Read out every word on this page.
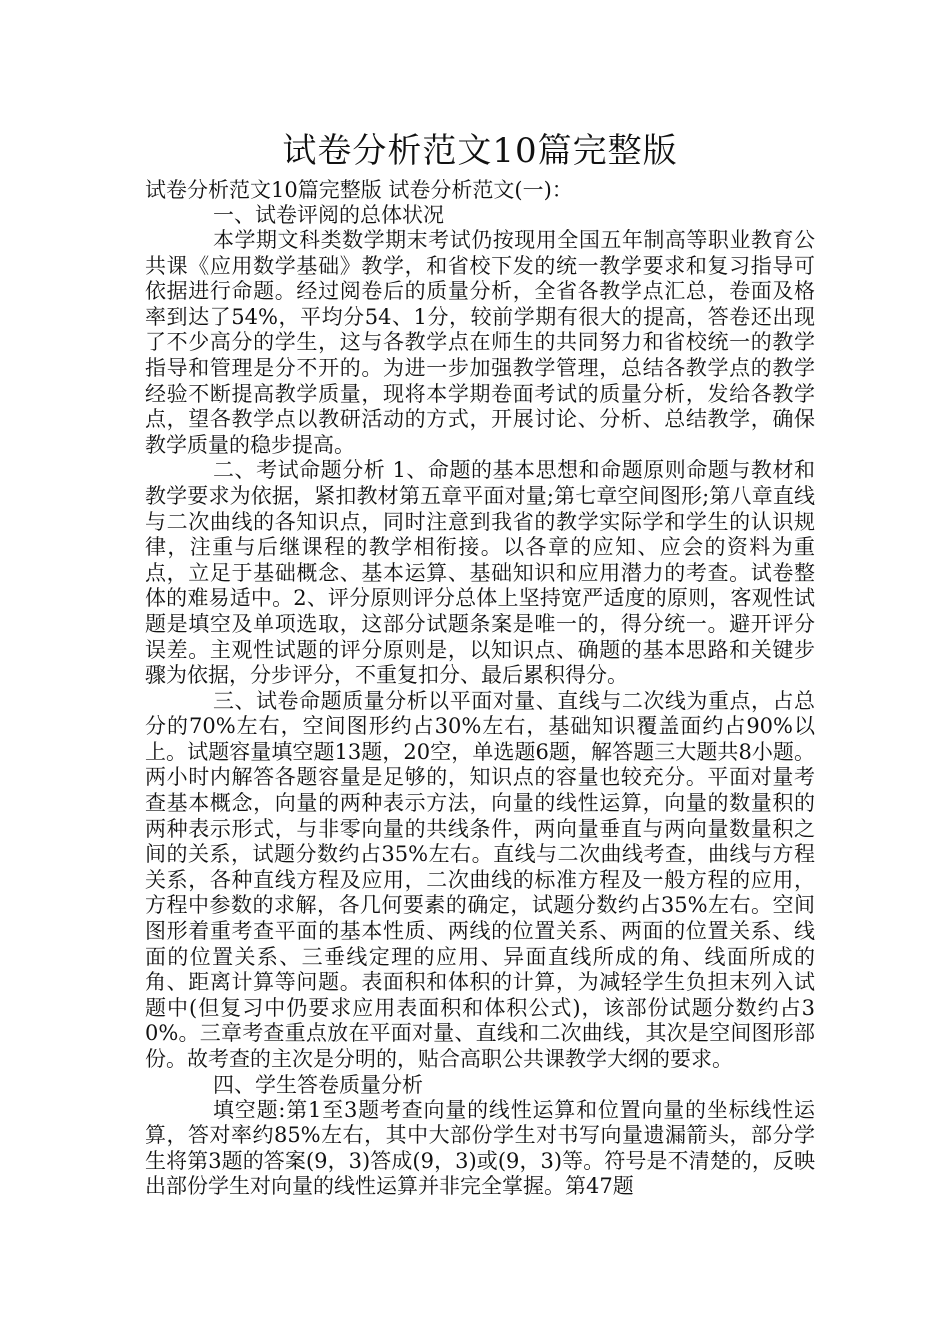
试卷分析范文10篇完整版

试卷分析范文10篇完整版 试卷分析范文(一)：

一、试卷评阅的总体状况

本学期文科类数学期末考试仍按现用全国五年制高等职业教育公共课《应用数学基础》教学，和省校下发的统一教学要求和复习指导可依据进行命题。经过阅卷后的质量分析，全省各教学点汇总，卷面及格率到达了54%，平均分54、1分，较前学期有很大的提高，答卷还出现了不少高分的学生，这与各教学点在师生的共同努力和省校统一的教学指导和管理是分不开的。为进一步加强教学管理，总结各教学点的教学经验不断提高教学质量，现将本学期卷面考试的质量分析，发给各教学点，望各教学点以教研活动的方式，开展讨论、分析、总结教学，确保教学质量的稳步提高。

二、考试命题分析 1、命题的基本思想和命题原则命题与教材和教学要求为依据，紧扣教材第五章平面对量;第七章空间图形;第八章直线与二次曲线的各知识点，同时注意到我省的教学实际学和学生的认识规律，注重与后继课程的教学相衔接。以各章的应知、应会的资料为重点，立足于基础概念、基本运算、基础知识和应用潜力的考查。试卷整体的难易适中。2、评分原则评分总体上坚持宽严适度的原则，客观性试题是填空及单项选取，这部分试题条案是唯一的，得分统一。避开评分误差。主观性试题的评分原则是，以知识点、确题的基本思路和关键步骤为依据，分步评分，不重复扣分、最后累积得分。

三、试卷命题质量分析以平面对量、直线与二次线为重点，占总分的70%左右，空间图形约占30%左右，基础知识覆盖面约占90%以上。试题容量填空题13题，20空，单选题6题，解答题三大题共8小题。两小时内解答各题容量是足够的，知识点的容量也较充分。平面对量考查基本概念，向量的两种表示方法，向量的线性运算，向量的数量积的两种表示形式，与非零向量的共线条件，两向量垂直与两向量数量积之间的关系，试题分数约占35%左右。直线与二次曲线考查，曲线与方程关系，各种直线方程及应用，二次曲线的标准方程及一般方程的应用，方程中参数的求解，各几何要素的确定，试题分数约占35%左右。空间图形着重考查平面的基本性质、两线的位置关系、两面的位置关系、线面的位置关系、三垂线定理的应用、异面直线所成的角、线面所成的角、距离计算等问题。表面积和体积的计算，为减轻学生负担末列入试题中(但复习中仍要求应用表面积和体积公式)，该部份试题分数约占30%。三章考查重点放在平面对量、直线和二次曲线，其次是空间图形部份。故考查的主次是分明的，贴合高职公共课教学大纲的要求。

四、学生答卷质量分析

填空题:第1至3题考查向量的线性运算和位置向量的坐标线性运算，答对率约85%左右，其中大部份学生对书写向量遗漏箭头，部分学生将第3题的答案(9，3)答成(9，3)或(9，3)等。符号是不清楚的，反映出部份学生对向量的线性运算并非完全掌握。第47题
